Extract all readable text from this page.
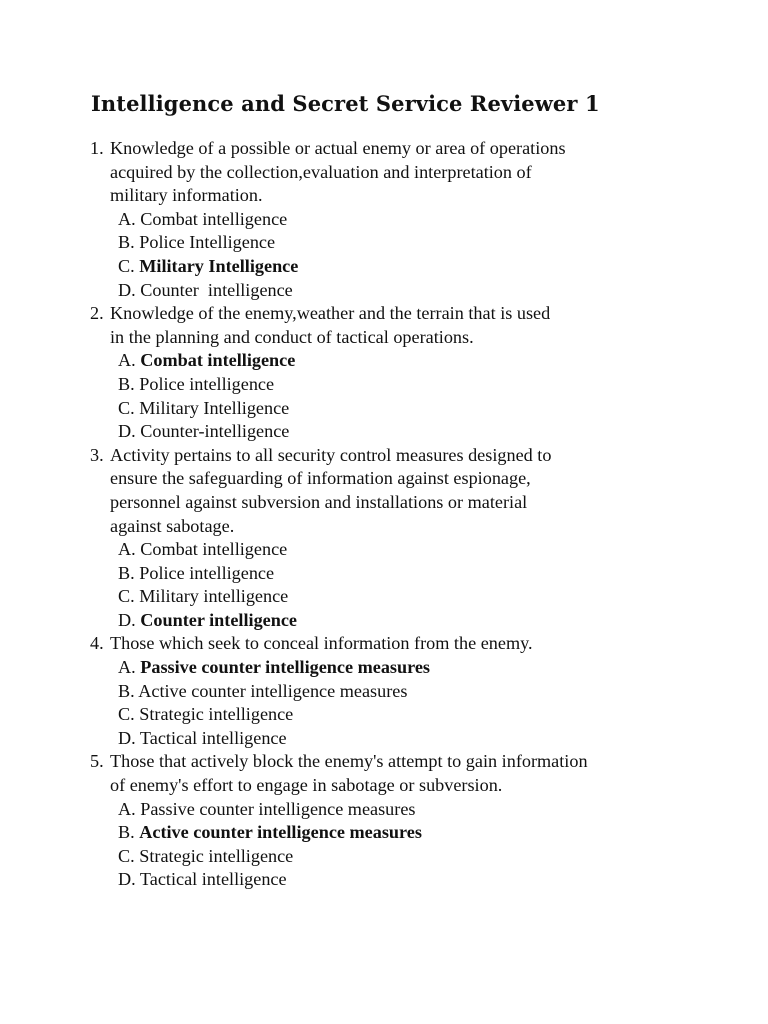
Intelligence and Secret Service Reviewer 1
1. Knowledge of a possible or actual enemy or area of operations
acquired by the collection,evaluation and interpretation of
military information.
A. Combat intelligence
B. Police Intelligence
C. Military Intelligence
D. Counter  intelligence
2. Knowledge of the enemy,weather and the terrain that is used
in the planning and conduct of tactical operations.
A. Combat intelligence
B. Police intelligence
C. Military Intelligence
D. Counter-intelligence
3. Activity pertains to all security control measures designed to
ensure the safeguarding of information against espionage,
personnel against subversion and installations or material
against sabotage.
A. Combat intelligence
B. Police intelligence
C. Military intelligence
D. Counter intelligence
4. Those which seek to conceal information from the enemy.
A. Passive counter intelligence measures
B. Active counter intelligence measures
C. Strategic intelligence
D. Tactical intelligence
5. Those that actively block the enemy's attempt to gain information
of enemy's effort to engage in sabotage or subversion.
A. Passive counter intelligence measures
B. Active counter intelligence measures
C. Strategic intelligence
D. Tactical intelligence
